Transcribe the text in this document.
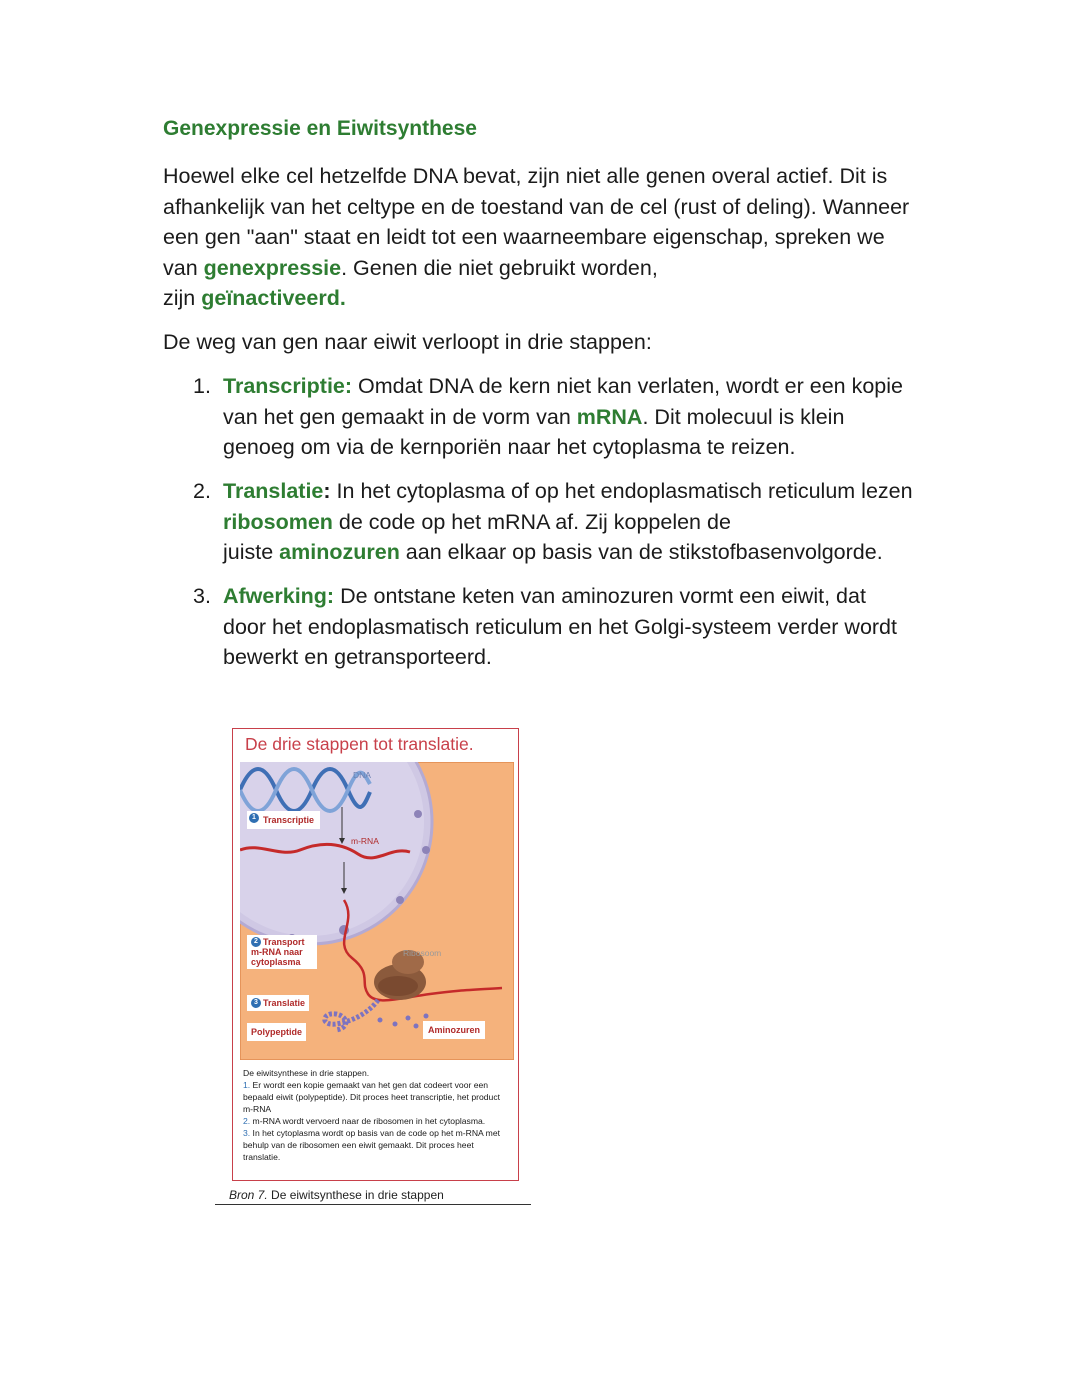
Genexpressie en Eiwitsynthese

Hoewel elke cel hetzelfde DNA bevat, zijn niet alle genen overal actief. Dit is afhankelijk van het celtype en de toestand van de cel (rust of deling). Wanneer een gen "aan" staat en leidt tot een waarneembare eigenschap, spreken we van genexpressie. Genen die niet gebruikt worden,
zijn geïnactiveerd.

De weg van gen naar eiwit verloopt in drie stappen:

1. Transcriptie: Omdat DNA de kern niet kan verlaten, wordt er een kopie van het gen gemaakt in de vorm van mRNA. Dit molecuul is klein genoeg om via de kernporiën naar het cytoplasma te reizen.
2. Translatie: In het cytoplasma of op het endoplasmatisch reticulum lezen ribosomen de code op het mRNA af. Zij koppelen de
juiste aminozuren aan elkaar op basis van de stikstofbasenvolgorde.
3. Afwerking: De ontstane keten van aminozuren vormt een eiwit, dat door het endoplasmatisch reticulum en het Golgi-systeem verder wordt bewerkt en getransporteerd.
De drie stappen tot translatie.
DNA
1 Transcriptie
m-RNA
2 Transport m-RNA naar cytoplasma
Ribosoom
3 Translatie
Polypeptide	Aminozuren
De eiwitsynthese in drie stappen.
1. Er wordt een kopie gemaakt van het gen dat codeert voor een bepaald eiwit (polypeptide). Dit proces heet transcriptie, het product m-RNA
2. m-RNA wordt vervoerd naar de ribosomen in het cytoplasma.
3. In het cytoplasma wordt op basis van de code op het m-RNA met behulp van de ribosomen een eiwit gemaakt. Dit proces heet translatie.
Bron 7. De eiwitsynthese in drie stappen
